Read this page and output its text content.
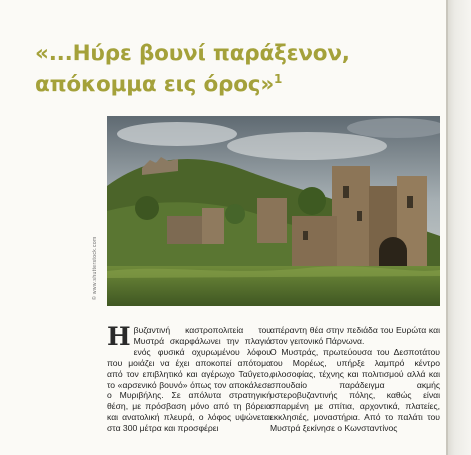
«...Ηύρε βουνί παράξενον, απόκομμα εις όρος»$^1$
© www.shutterstock.com

Η βυζαντινή καστροπολιτεία του Μυστρά σκαρφάλωνει την πλαγιά ενός φυσικά οχυρωμένου λόφου που μοιάζει να έχει αποκοπεί απότομα από τον επιβλητικό και αγέρωχο Ταΰγετο, το «αρσενικό βουνό» όπως τον αποκάλεσε ο Μυριβήλης. Σε απόλυτα στρατηγική θέση, με πρόσβαση μόνο από τη βόρεια και ανατολική πλευρά, ο λόφος υψώνεται στα 300 μέτρα και προσφέρει

απέραντη θέα στην πεδιάδα του Ευρώτα και στον γειτονικό Πάρνωνα.

Ο Μυστράς, πρωτεύουσα του Δεσποτάτου του Μορέως, υπήρξε λαμπρό κέντρο φιλοσοφίας, τέχνης και πολιτισμού αλλά και σπουδαίο παράδειγμα ακμής υστεροβυζαντινής πόλης, καθώς είναι σπαρμένη με σπίτια, αρχοντικά, πλατείες, εκκλησιές, μοναστήρια. Από το παλάτι του Μυστρά ξεκίνησε ο Κωνσταντίνος
